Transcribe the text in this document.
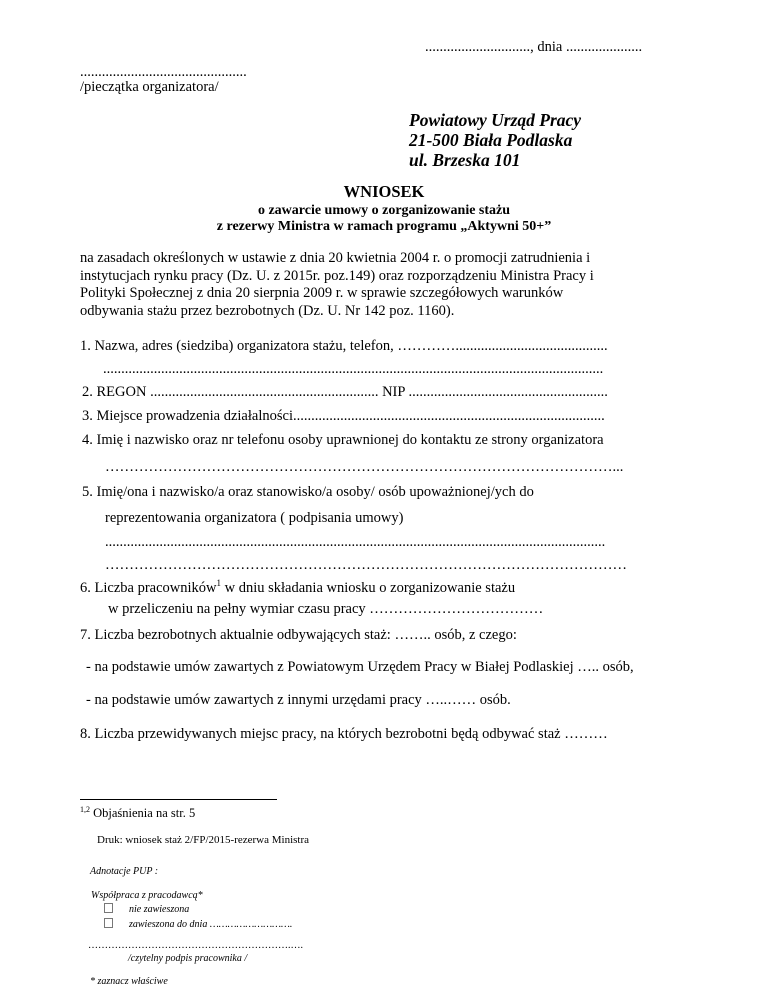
............................., dnia .....................
..............................................
/pieczątka organizatora/
Powiatowy Urząd Pracy
21-500 Biała Podlaska
ul. Brzeska 101
WNIOSEK
o zawarcie umowy o zorganizowanie stażu
z rezerwy Ministra w ramach programu „Aktywni 50+”
na zasadach określonych w ustawie z dnia 20 kwietnia 2004 r. o promocji zatrudnienia i
instytucjach rynku pracy (Dz. U. z 2015r. poz.149) oraz rozporządzeniu Ministra Pracy i
Polityki Społecznej z dnia 20 sierpnia 2009 r. w sprawie szczegółowych warunków
odbywania stażu przez bezrobotnych (Dz. U. Nr 142 poz. 1160).
1. Nazwa, adres (siedziba) organizatora stażu, telefon, …………..........................................
..........................................................................................................................................
2. REGON ............................................................... NIP .......................................................
3. Miejsce prowadzenia działalności......................................................................................
4. Imię i nazwisko oraz nr telefonu osoby uprawnionej do kontaktu ze strony organizatora
……………………………………………………………………………………………...
5. Imię/ona i nazwisko/a oraz stanowisko/a osoby/ osób upoważnionej/ych do
reprezentowania organizatora ( podpisania umowy)
..........................................................................................................................................
………………………………………………………………………………………………
6. Liczba pracowników$^1$ w dniu składania wniosku o zorganizowanie stażu
w przeliczeniu na pełny wymiar czasu pracy ………………………………
7. Liczba bezrobotnych aktualnie odbywających staż: …….. osób, z czego:
- na podstawie umów zawartych z Powiatowym Urzędem Pracy w Białej Podlaskiej ….. osób,
- na podstawie umów zawartych z innymi urzędami pracy …..…… osób.
8. Liczba przewidywanych miejsc pracy, na których bezrobotni będą odbywać staż ………
$^{1,2}$ Objaśnienia na str. 5
Druk: wniosek staż 2/FP/2015-rezerwa Ministra
Adnotacje PUP :
Współpraca z pracodawcą*
nie zawieszona
zawieszona do dnia ……………………….
…………………………………………………….….
/czytelny podpis pracownika /
* zaznacz właściwe
